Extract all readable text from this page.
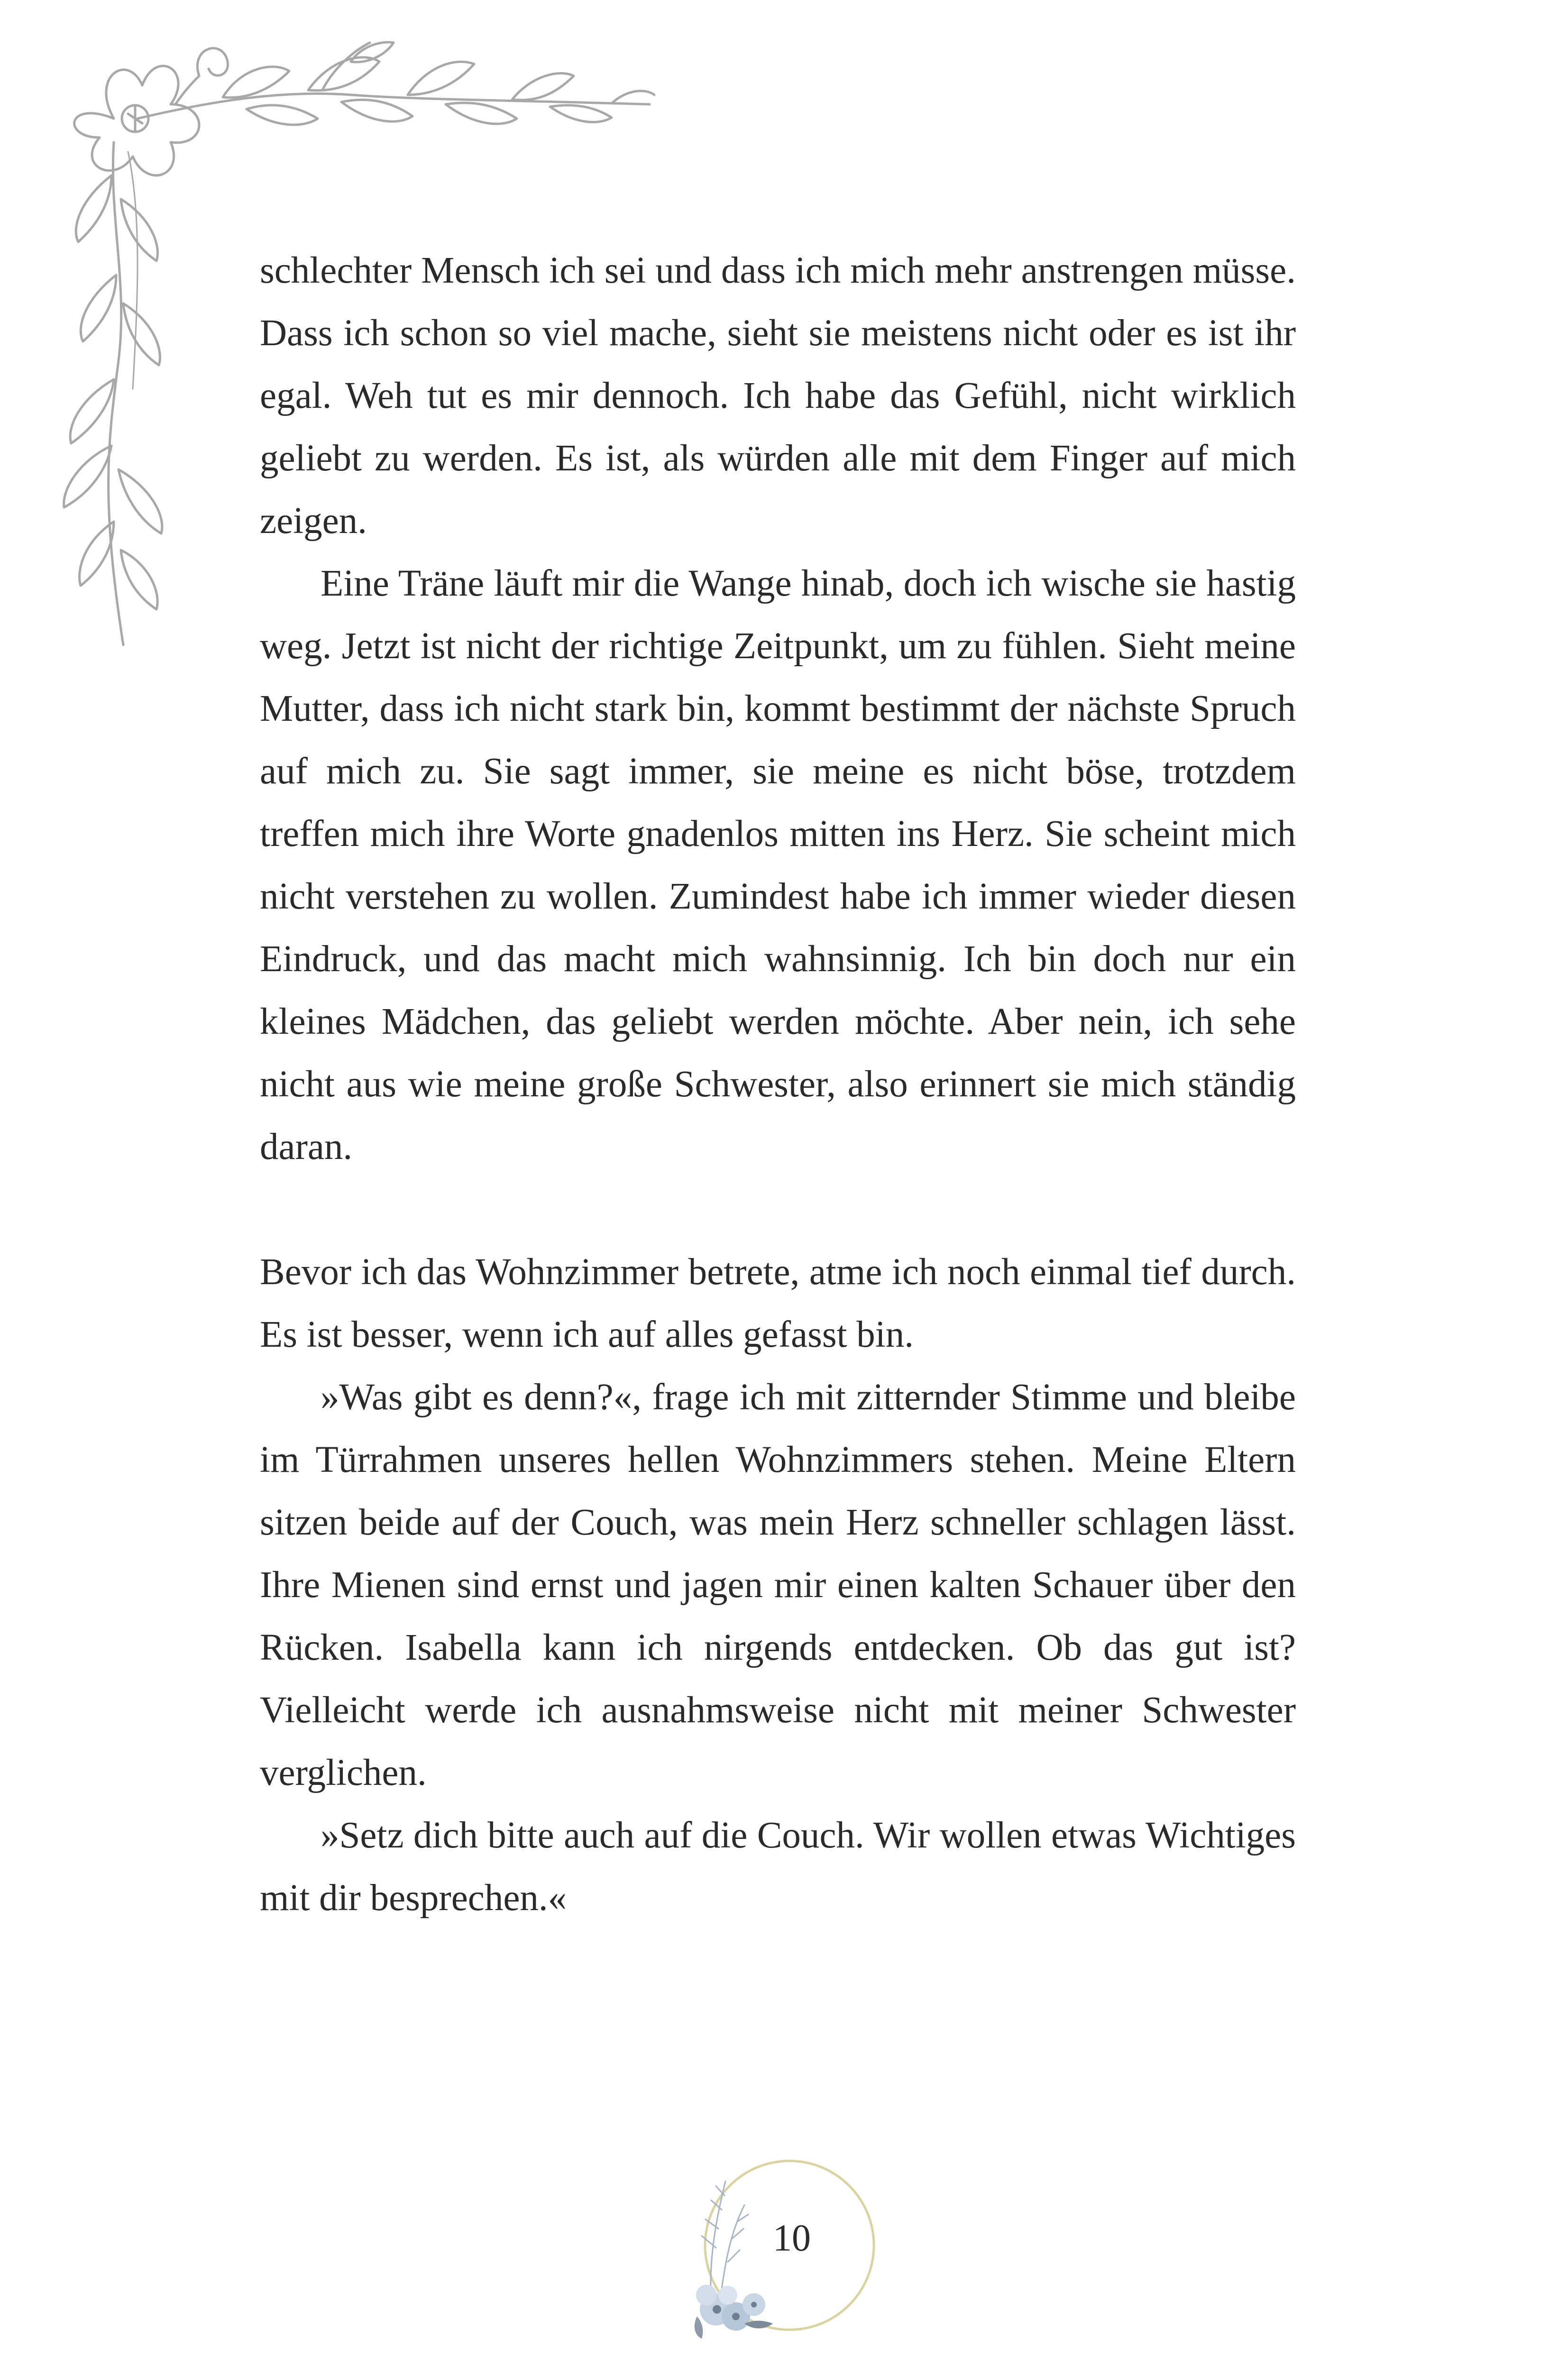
schlechter Mensch ich sei und dass ich mich mehr anstrengen müsse. Dass ich schon so viel mache, sieht sie meistens nicht oder es ist ihr egal. Weh tut es mir dennoch. Ich habe das Gefühl, nicht wirklich geliebt zu werden. Es ist, als würden alle mit dem Finger auf mich zeigen.

Eine Träne läuft mir die Wange hinab, doch ich wische sie hastig weg. Jetzt ist nicht der richtige Zeitpunkt, um zu fühlen. Sieht meine Mutter, dass ich nicht stark bin, kommt bestimmt der nächste Spruch auf mich zu. Sie sagt immer, sie meine es nicht böse, trotzdem treffen mich ihre Worte gnadenlos mitten ins Herz. Sie scheint mich nicht verstehen zu wollen. Zumindest habe ich immer wieder diesen Eindruck, und das macht mich wahnsinnig. Ich bin doch nur ein kleines Mädchen, das geliebt werden möchte. Aber nein, ich sehe nicht aus wie meine große Schwester, also erinnert sie mich ständig daran.

Bevor ich das Wohnzimmer betrete, atme ich noch einmal tief durch. Es ist besser, wenn ich auf alles gefasst bin.

»Was gibt es denn?«, frage ich mit zitternder Stimme und bleibe im Türrahmen unseres hellen Wohnzimmers stehen. Meine Eltern sitzen beide auf der Couch, was mein Herz schneller schlagen lässt. Ihre Mienen sind ernst und jagen mir einen kalten Schauer über den Rücken. Isabella kann ich nirgends entdecken. Ob das gut ist? Vielleicht werde ich ausnahmsweise nicht mit meiner Schwester verglichen.

»Setz dich bitte auch auf die Couch. Wir wollen etwas Wichtiges mit dir besprechen.«

10
